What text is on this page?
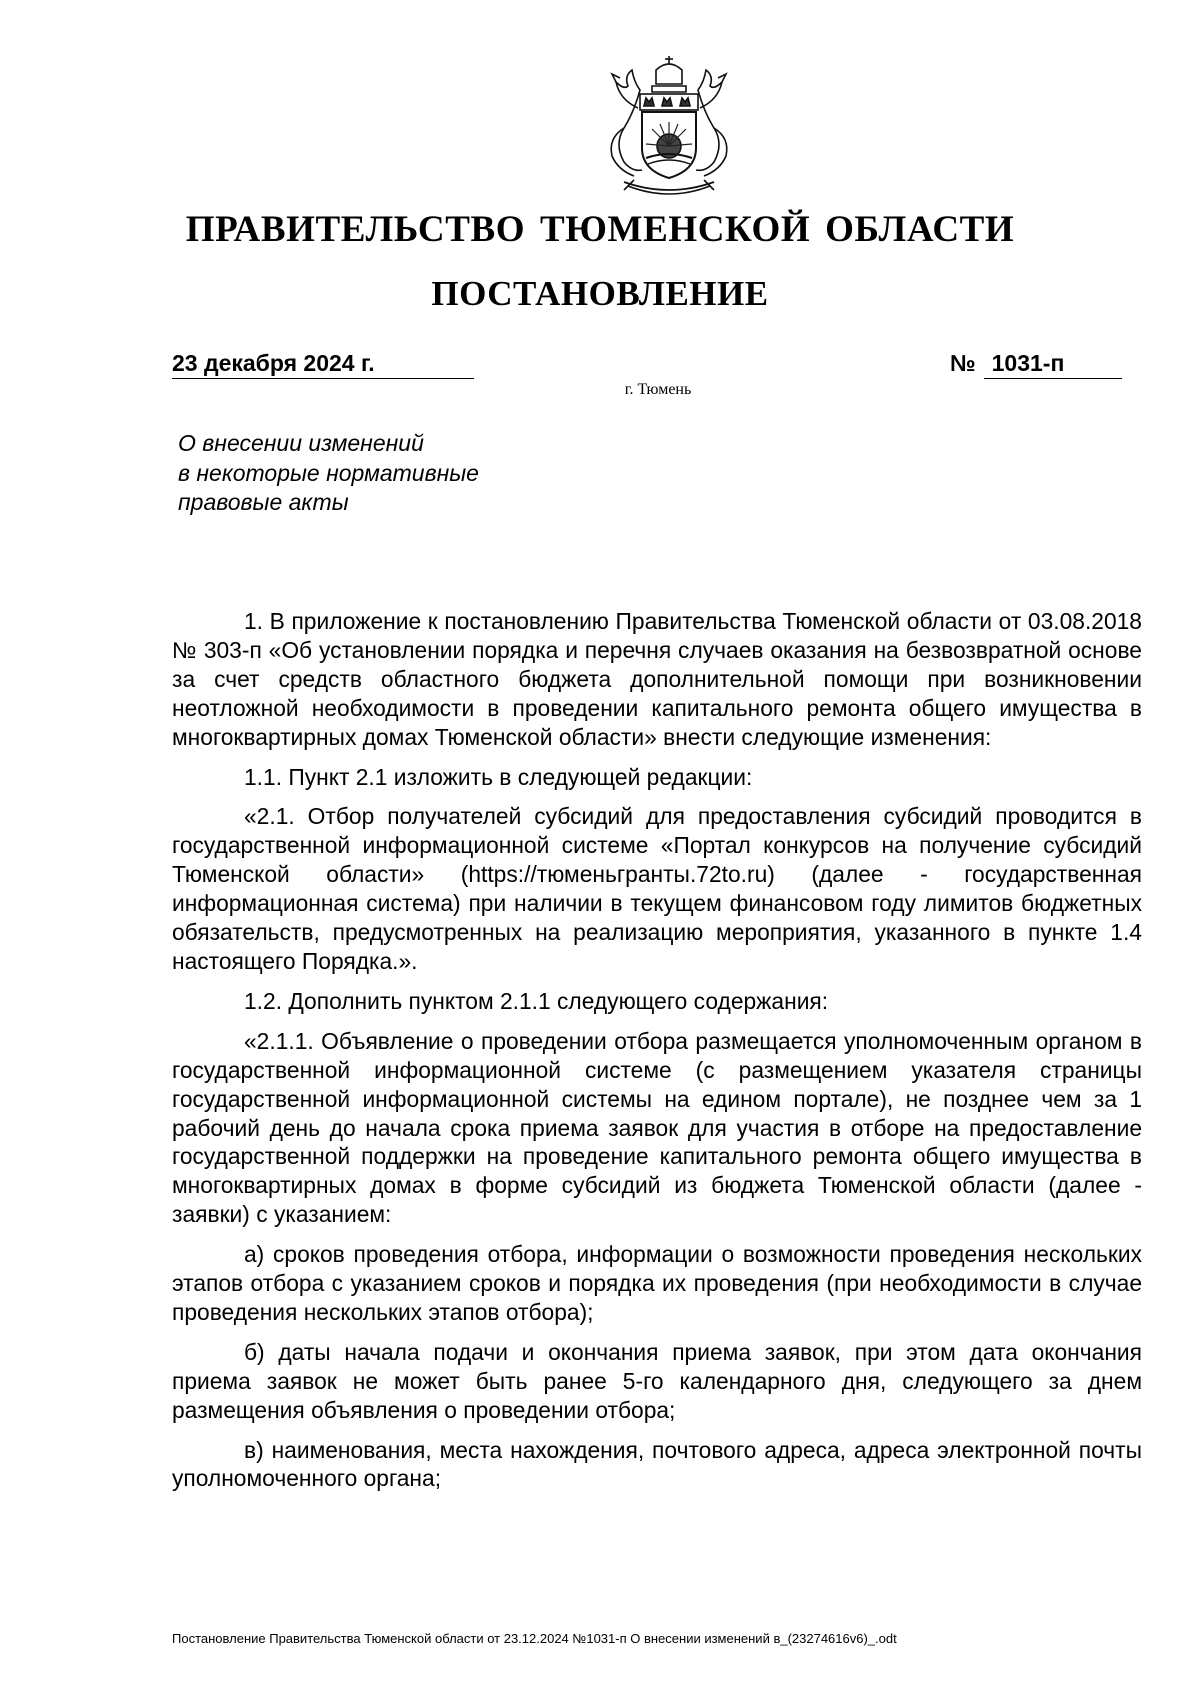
ПРАВИТЕЛЬСТВО ТЮМЕНСКОЙ ОБЛАСТИ
ПОСТАНОВЛЕНИЕ
23 декабря 2024 г.	№ 1031-п
г. Тюмень
О внесении изменений
в некоторые нормативные
правовые акты

1. В приложение к постановлению Правительства Тюменской области от 03.08.2018 № 303-п «Об установлении порядка и перечня случаев оказания на безвозвратной основе за счет средств областного бюджета дополнительной помощи при возникновении неотложной необходимости в проведении капитального ремонта общего имущества в многоквартирных домах Тюменской области» внести следующие изменения:

1.1. Пункт 2.1 изложить в следующей редакции:

«2.1. Отбор получателей субсидий для предоставления субсидий проводится в государственной информационной системе «Портал конкурсов на получение субсидий Тюменской области» (https://тюменьгранты.72to.ru) (далее - государственная информационная система) при наличии в текущем финансовом году лимитов бюджетных обязательств, предусмотренных на реализацию мероприятия, указанного в пункте 1.4 настоящего Порядка.».

1.2. Дополнить пунктом 2.1.1 следующего содержания:

«2.1.1. Объявление о проведении отбора размещается уполномоченным органом в государственной информационной системе (с размещением указателя страницы государственной информационной системы на едином портале), не позднее чем за 1 рабочий день до начала срока приема заявок для участия в отборе на предоставление государственной поддержки на проведение капитального ремонта общего имущества в многоквартирных домах в форме субсидий из бюджета Тюменской области (далее - заявки) с указанием:

а) сроков проведения отбора, информации о возможности проведения нескольких этапов отбора с указанием сроков и порядка их проведения (при необходимости в случае проведения нескольких этапов отбора);

б) даты начала подачи и окончания приема заявок, при этом дата окончания приема заявок не может быть ранее 5-го календарного дня, следующего за днем размещения объявления о проведении отбора;

в) наименования, места нахождения, почтового адреса, адреса электронной почты уполномоченного органа;

Постановление Правительства Тюменской области от 23.12.2024 №1031-п О внесении изменений в_(23274616v6)_.odt
